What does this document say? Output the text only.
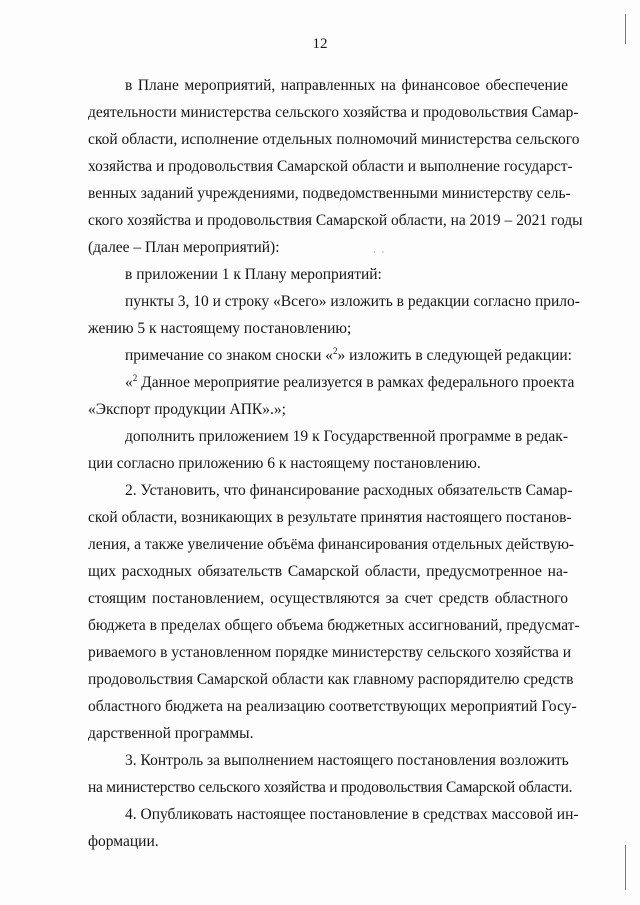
· ·
12
в Плане мероприятий, направленных на финансовое обеспечение
деятельности министерства сельского хозяйства и продовольствия Самар-
ской области, исполнение отдельных полномочий министерства сельского
хозяйства и продовольствия Самарской области и выполнение государст-
венных заданий учреждениями, подведомственными министерству сель-
ского хозяйства и продовольствия Самарской области, на 2019 – 2021 годы
(далее – План мероприятий):
в приложении 1 к Плану мероприятий:
пункты 3, 10 и строку «Всего» изложить в редакции согласно прило-
жению 5 к настоящему постановлению;
примечание со знаком сноски «$^2$» изложить в следующей редакции:
«$^2$ Данное мероприятие реализуется в рамках федерального проекта
«Экспорт продукции АПК».»;
дополнить приложением 19 к Государственной программе в редак-
ции согласно приложению 6 к настоящему постановлению.
2. Установить, что финансирование расходных обязательств Самар-
ской области, возникающих в результате принятия настоящего постанов-
ления, а также увеличение объёма финансирования отдельных действую-
щих расходных обязательств Самарской области, предусмотренное на-
стоящим постановлением, осуществляются за счет средств областного
бюджета в пределах общего объема бюджетных ассигнований, предусмат-
риваемого в установленном порядке министерству сельского хозяйства и
продовольствия Самарской области как главному распорядителю средств
областного бюджета на реализацию соответствующих мероприятий Госу-
дарственной программы.
3. Контроль за выполнением настоящего постановления возложить
на министерство сельского хозяйства и продовольствия Самарской области.
4. Опубликовать настоящее постановление в средствах массовой ин-
формации.
